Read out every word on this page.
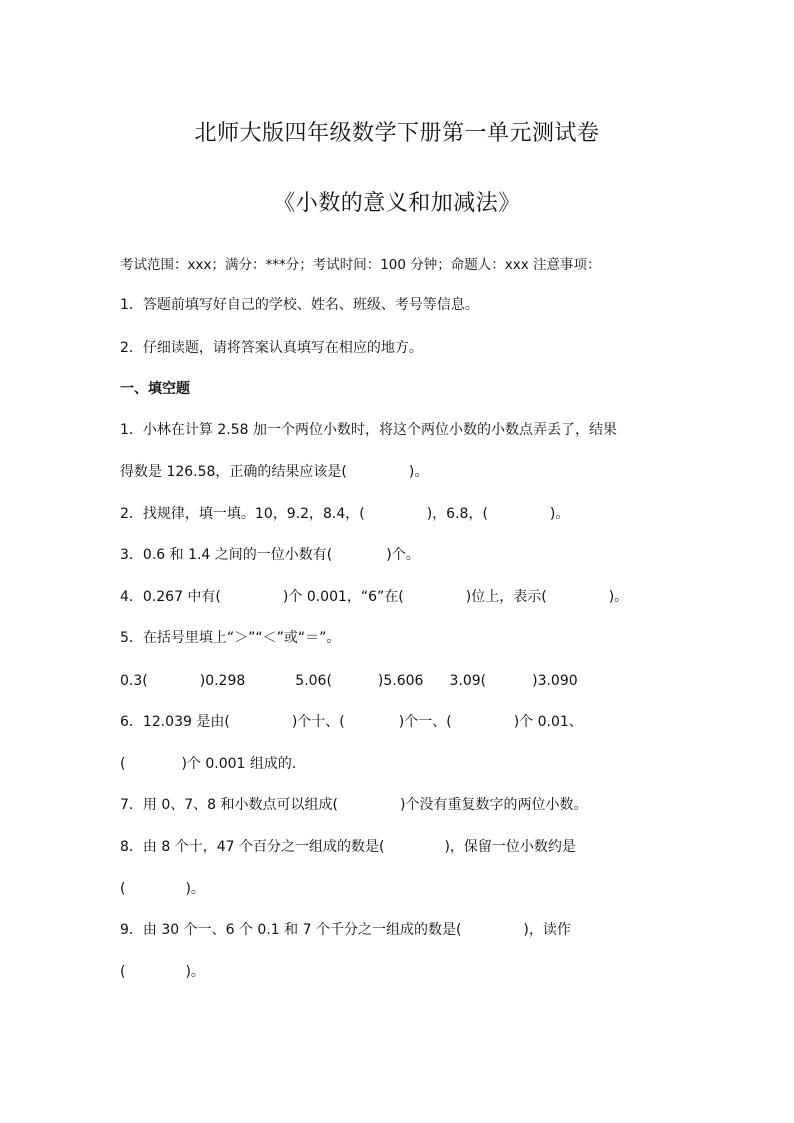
北师大版四年级数学下册第一单元测试卷
《小数的意义和加减法》
考试范围：xxx；满分：***分；考试时间：100 分钟；命题人：xxx 注意事项：
1．答题前填写好自己的学校、姓名、班级、考号等信息。
2．仔细读题，请将答案认真填写在相应的地方。
一、填空题
1．小林在计算 2.58 加一个两位小数时，将这个两位小数的小数点弄丢了，结果
得数是 126.58，正确的结果应该是(	)。
2．找规律，填一填。10，9.2，8.4，(	)，6.8，(	)。
3．0.6 和 1.4 之间的一位小数有(	)个。
4．0.267 中有(	)个 0.001，“6”在(	)位上，表示(	)。
5．在括号里填上“＞”“＜”或“＝”。
0.3(	)0.298	5.06(	)5.606 3.09(	)3.090
6．12.039 是由(	)个十、(	)个一、(	)个 0.01、
(	)个 0.001 组成的．
7．用 0、7、8 和小数点可以组成(	)个没有重复数字的两位小数。
8．由 8 个十，47 个百分之一组成的数是(	)，保留一位小数约是
(	)。
9．由 30 个一、6 个 0.1 和 7 个千分之一组成的数是(	)，读作
(	)。
